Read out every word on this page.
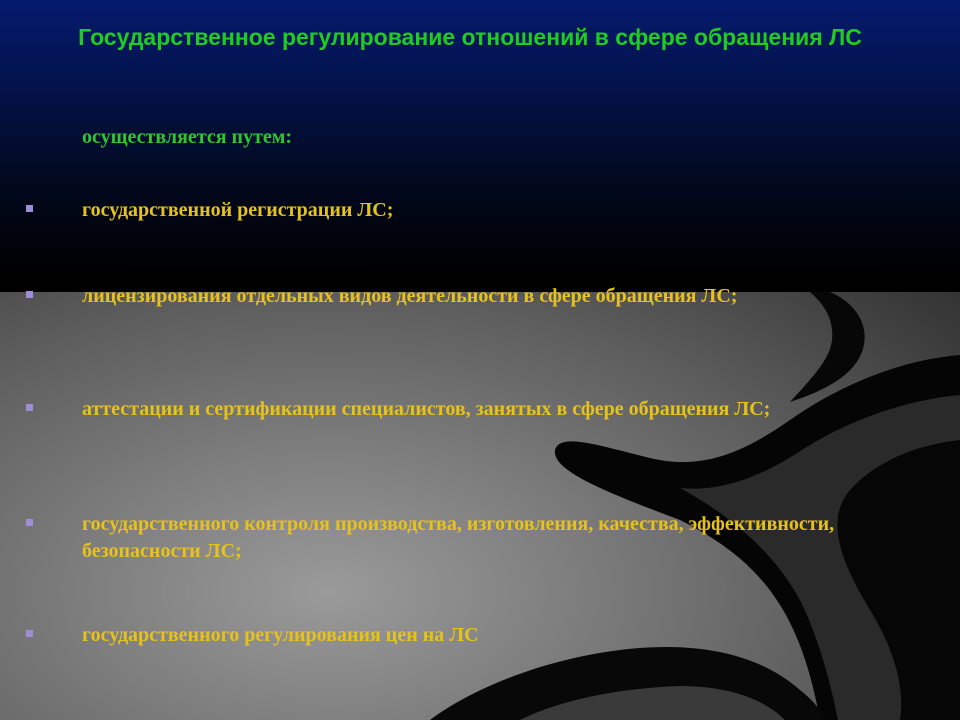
Государственное регулирование отношений в сфере обращения ЛС

осуществляется путем:

государственной регистрации ЛС;
лицензирования отдельных видов деятельности в сфере обращения ЛС;
аттестации и сертификации специалистов, занятых в сфере обращения ЛС;
государственного контроля производства, изготовления, качества, эффективности, безопасности ЛС;
государственного регулирования цен на ЛС
